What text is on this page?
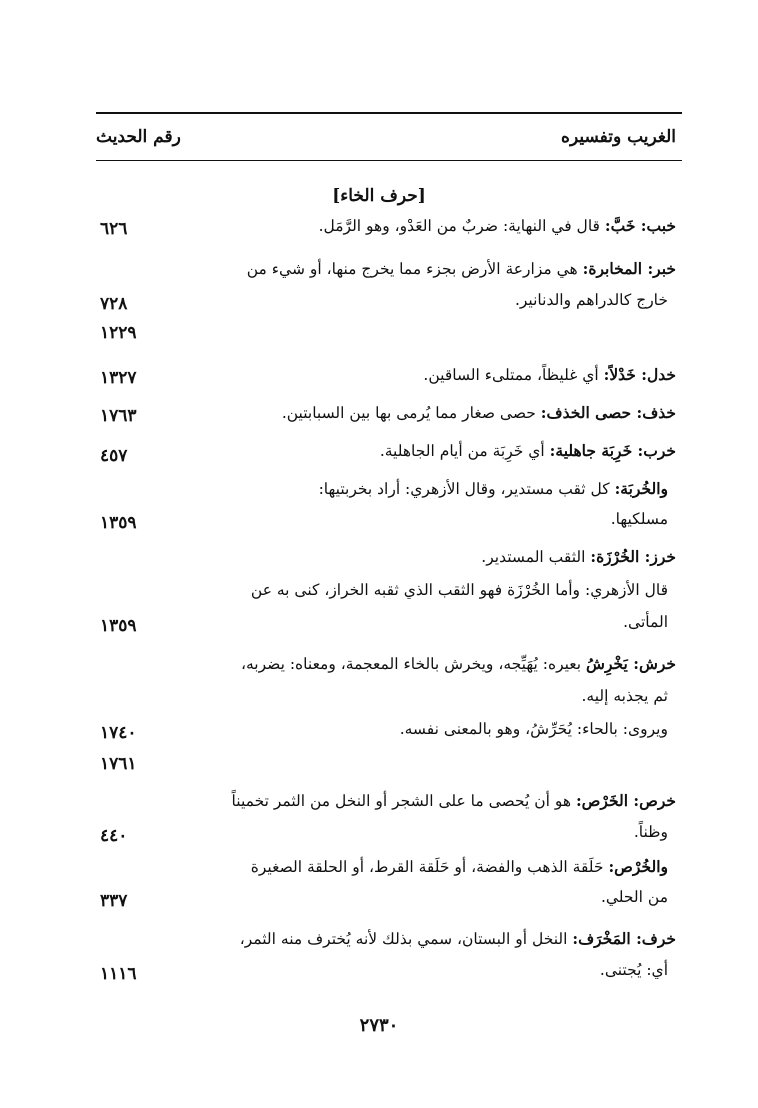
الغريب وتفسيره
رقم الحديث
[حرف الخاء]
خبب: خَبَّ: قال في النهاية: ضربٌ من العَدْو، وهو الرَّمَل.
خبر: المخابرة: هي مزارعة الأرض بجزء مما يخرج منها، أو شيء من
خارج كالدراهم والدنانير.
خدل: خَدْلاً: أي غليظاً، ممتلىء الساقين.
خذف: حصى الخذف: حصى صغار مما يُرمى بها بين السبابتين.
خرب: خَرِبَة جاهلية: أي خَرِبَة من أيام الجاهلية.
والخُربَة: كل ثقب مستدير، وقال الأزهري: أراد بخربتيها:
مسلكيها.
خرز: الخُرْزَة: الثقب المستدير.
قال الأزهري: وأما الخُرْزَة فهو الثقب الذي ثقبه الخراز، كنى به عن
المأتى.
خرش: يَخْرِشُ بعيره: يُهَيِّجه، ويخرش بالخاء المعجمة، ومعناه: يضربه،
ثم يجذبه إليه.
ويروى: بالحاء: يُحَرِّشُ، وهو بالمعنى نفسه.
خرص: الخَرْص: هو أن يُحصى ما على الشجر أو النخل من الثمر تخميناً
وظناً.
والخُرْص: حَلَقة الذهب والفضة، أو حَلَقة القرط، أو الحلقة الصغيرة
من الحلي.
خرف: المَخْرَف: النخل أو البستان، سمي بذلك لأنه يُخترف منه الثمر،
أي: يُجتنى.
٦٢٦
٧٢٨
١٢٢٩
١٣٢٧
١٧٦٣
٤٥٧
١٣٥٩
١٣٥٩
١٧٤٠
١٧٦١
٤٤٠
٣٣٧
١١١٦
٢٧٣٠
